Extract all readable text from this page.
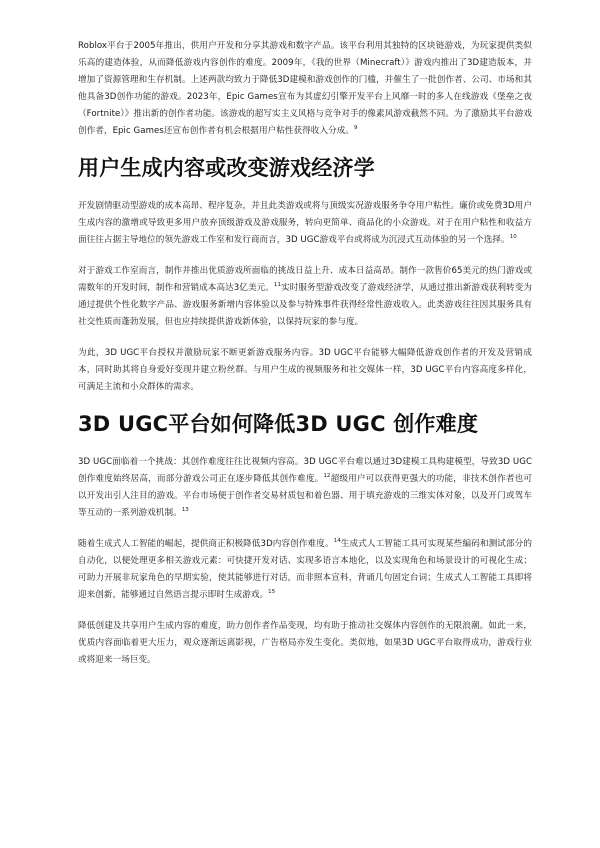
Roblox平台于2005年推出，供用户开发和分享其游戏和数字产品。该平台利用其独特的区块链游戏，为玩家提供类似乐高的建造体验，从而降低游戏内容创作的难度。2009年，《我的世界（Minecraft）》游戏内推出了3D建造版本，并增加了资源管理和生存机制。上述两款均致力于降低3D建模和游戏创作的门槛，并催生了一批创作者、公司、市场和其他具备3D创作功能的游戏。2023年，Epic Games宣布为其虚幻引擎开发平台上风靡一时的多人在线游戏《堡垒之夜（Fortnite）》推出新的创作者功能。该游戏的超写实主义风格与竞争对手的像素风游戏截然不同。为了激励其平台游戏创作者，Epic Games还宣布创作者有机会根据用户粘性获得收入分成。$^9$

用户生成内容或改变游戏经济学

开发剧情驱动型游戏的成本高昂、程序复杂，并且此类游戏或将与顶级实况游戏服务争夺用户粘性。廉价或免费3D用户生成内容的激增或导致更多用户放弃顶级游戏及游戏服务，转向更简单、商品化的小众游戏。对于在用户粘性和收益方面往往占据主导地位的领先游戏工作室和发行商而言，3D UGC游戏平台或将成为沉浸式互动体验的另一个选择。$^{10}$

对于游戏工作室而言，制作并推出优质游戏所面临的挑战日益上升、成本日益高昂。制作一款售价65美元的热门游戏或需数年的开发时间，制作和营销成本高达3亿美元。$^{11}$实时服务型游戏改变了游戏经济学，从通过推出新游戏获利转变为通过提供个性化数字产品、游戏服务新增内容体验以及参与特殊事件获得经常性游戏收入。此类游戏往往因其服务具有社交性质而蓬勃发展，但也应持续提供游戏新体验，以保持玩家的参与度。

为此，3D UGC平台授权并激励玩家不断更新游戏服务内容。3D UGC平台能够大幅降低游戏创作者的开发及营销成本，同时助其将自身爱好变现并建立粉丝群。与用户生成的视频服务和社交媒体一样，3D UGC平台内容高度多样化，可满足主流和小众群体的需求。

3D UGC平台如何降低3D UGC 创作难度

3D UGC面临着一个挑战：其创作难度往往比视频内容高。3D UGC平台难以通过3D建模工具构建模型，导致3D UGC创作难度始终居高，而部分游戏公司正在逐步降低其创作难度。$^{12}$超级用户可以获得更强大的功能，非技术创作者也可以开发出引人注目的游戏。平台市场便于创作者交易材质包和着色器、用于填充游戏的三维实体对象，以及开门或驾车等互动的一系列游戏机制。$^{13}$

随着生成式人工智能的崛起，提供商正积极降低3D内容创作难度。$^{14}$生成式人工智能工具可实现某些编码和测试部分的自动化，以便处理更多相关游戏元素：可快捷开发对话、实现多语言本地化，以及实现角色和场景设计的可视化生成；可助力开展非玩家角色的早期实验，使其能够进行对话，而非照本宣科，背诵几句固定台词；生成式人工智能工具即将迎来创新，能够通过自然语言提示即时生成游戏。$^{15}$

降低创建及共享用户生成内容的难度，助力创作者作品变现，均有助于推动社交媒体内容创作的无限浪潮。如此一来，优质内容面临着更大压力，观众逐渐远离影视，广告格局亦发生变化。类似地，如果3D UGC平台取得成功，游戏行业或将迎来一场巨变。
